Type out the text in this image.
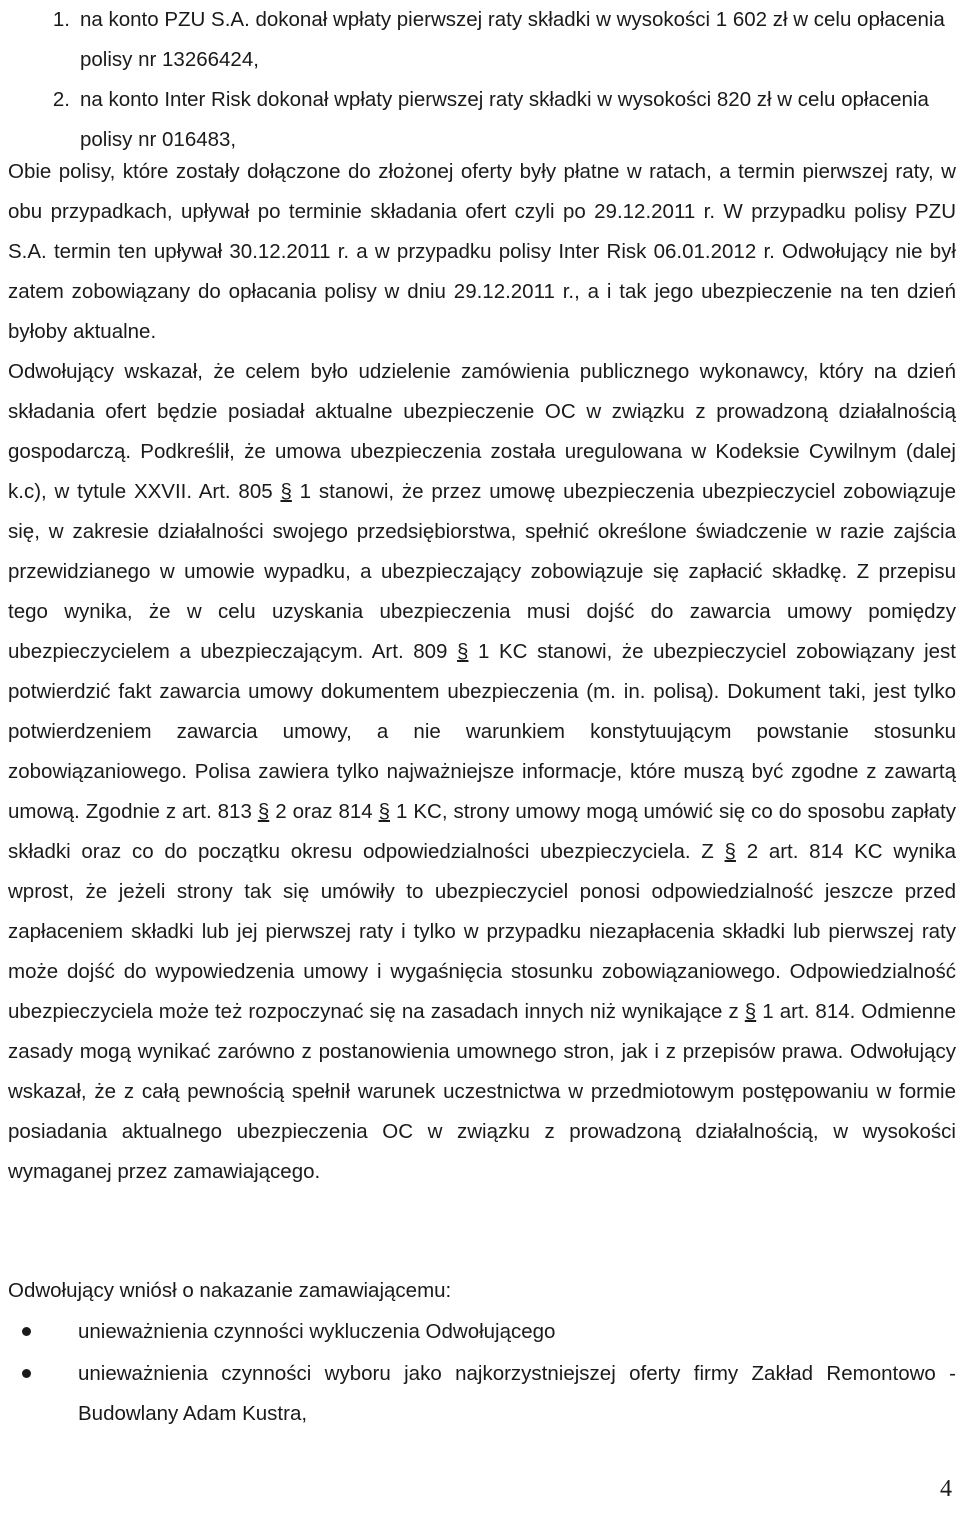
1. na konto PZU S.A. dokonał wpłaty pierwszej raty składki w wysokości 1 602 zł w celu opłacenia polisy nr 13266424,
2. na konto Inter Risk dokonał wpłaty pierwszej raty składki w wysokości 820 zł w celu opłacenia polisy nr 016483,

Obie polisy, które zostały dołączone do złożonej oferty były płatne w ratach, a termin pierwszej raty, w obu przypadkach, upływał po terminie składania ofert czyli po 29.12.2011 r. W przypadku polisy PZU S.A. termin ten upływał 30.12.2011 r. a w przypadku polisy Inter Risk 06.01.2012 r. Odwołujący nie był zatem zobowiązany do opłacania polisy w dniu 29.12.2011 r., a i tak jego ubezpieczenie na ten dzień byłoby aktualne.

Odwołujący wskazał, że celem było udzielenie zamówienia publicznego wykonawcy, który na dzień składania ofert będzie posiadał aktualne ubezpieczenie OC w związku z prowadzoną działalnością gospodarczą. Podkreślił, że umowa ubezpieczenia została uregulowana w Kodeksie Cywilnym (dalej k.c), w tytule XXVII. Art. 805 § 1 stanowi, że przez umowę ubezpieczenia ubezpieczyciel zobowiązuje się, w zakresie działalności swojego przedsiębiorstwa, spełnić określone świadczenie w razie zajścia przewidzianego w umowie wypadku, a ubezpieczający zobowiązuje się zapłacić składkę. Z przepisu tego wynika, że w celu uzyskania ubezpieczenia musi dojść do zawarcia umowy pomiędzy ubezpieczycielem a ubezpieczającym. Art. 809 § 1 KC stanowi, że ubezpieczyciel zobowiązany jest potwierdzić fakt zawarcia umowy dokumentem ubezpieczenia (m. in. polisą). Dokument taki, jest tylko potwierdzeniem zawarcia umowy, a nie warunkiem konstytuującym powstanie stosunku zobowiązaniowego. Polisa zawiera tylko najważniejsze informacje, które muszą być zgodne z zawartą umową. Zgodnie z art. 813 § 2 oraz 814 § 1 KC, strony umowy mogą umówić się co do sposobu zapłaty składki oraz co do początku okresu odpowiedzialności ubezpieczyciela. Z § 2 art. 814 KC wynika wprost, że jeżeli strony tak się umówiły to ubezpieczyciel ponosi odpowiedzialność jeszcze przed zapłaceniem składki lub jej pierwszej raty i tylko w przypadku niezapłacenia składki lub pierwszej raty może dojść do wypowiedzenia umowy i wygaśnięcia stosunku zobowiązaniowego. Odpowiedzialność ubezpieczyciela może też rozpoczynać się na zasadach innych niż wynikające z § 1 art. 814. Odmienne zasady mogą wynikać zarówno z postanowienia umownego stron, jak i z przepisów prawa. Odwołujący wskazał, że z całą pewnością spełnił warunek uczestnictwa w przedmiotowym postępowaniu w formie posiadania aktualnego ubezpieczenia OC w związku z prowadzoną działalnością, w wysokości wymaganej przez zamawiającego.

Odwołujący wniósł o nakazanie zamawiającemu:

unieważnienia czynności wykluczenia Odwołującego
unieważnienia czynności wyboru jako najkorzystniejszej oferty firmy Zakład Remontowo - Budowlany Adam Kustra,
4
